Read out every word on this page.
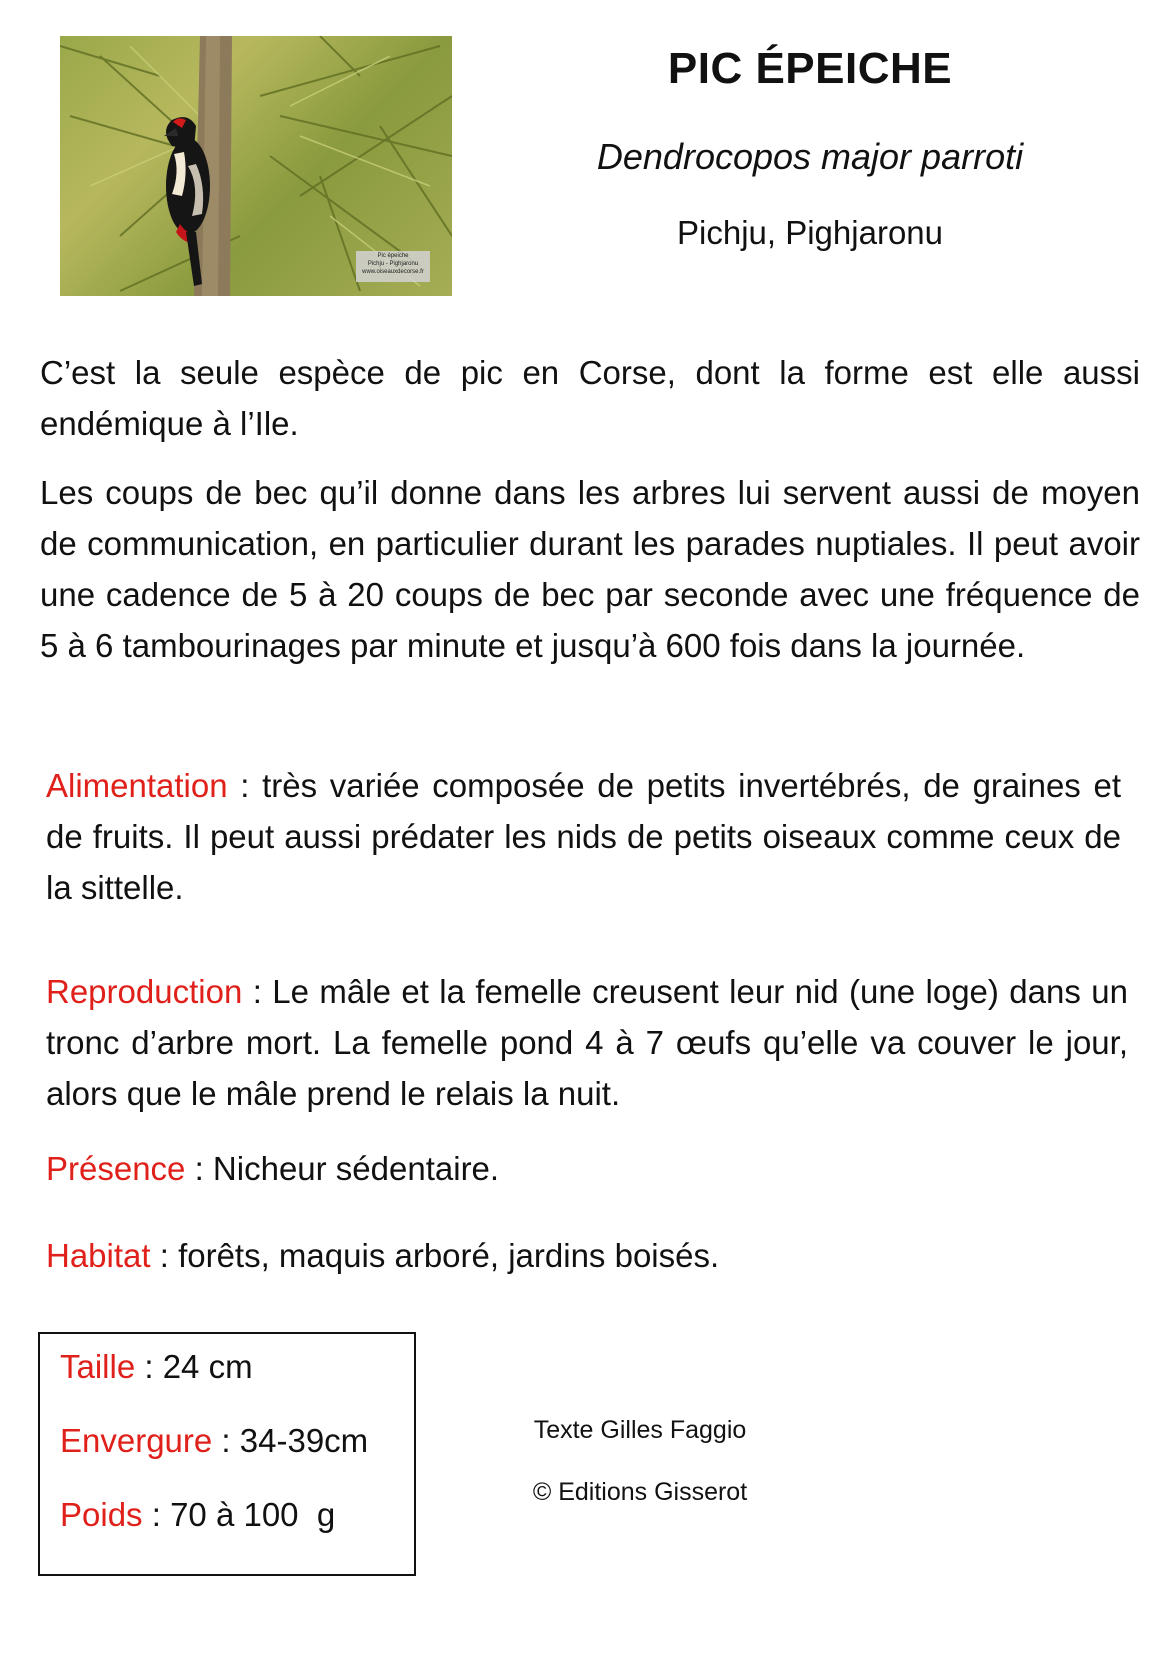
Pic épeiche
Pichju - Pighjaronu
www.oiseauxdecorse.fr
PIC ÉPEICHE
Dendrocopos major parroti
Pichju, Pighjaronu
C’est la seule espèce de pic en Corse, dont la forme est elle aussi endémique à l’Ile.
Les coups de bec qu’il donne dans les arbres lui servent aussi de moyen de communication, en particulier durant les parades nuptiales. Il peut avoir une cadence de 5 à 20 coups de bec par seconde avec une fréquence de 5 à 6 tambourinages par minute et jusqu’à 600 fois dans la journée.
Alimentation : très variée composée de petits invertébrés, de graines et de fruits. Il peut aussi prédater les nids de petits oiseaux comme ceux de la sittelle.
Reproduction : Le mâle et la femelle creusent leur nid (une loge) dans un tronc d’arbre mort. La femelle pond 4 à 7 œufs qu’elle va couver le jour, alors que le mâle prend le relais la nuit.
Présence : Nicheur sédentaire.
Habitat : forêts, maquis arboré, jardins boisés.
Taille : 24 cm
Envergure : 34-39cm
Poids : 70 à 100  g
Texte Gilles Faggio
© Editions Gisserot
